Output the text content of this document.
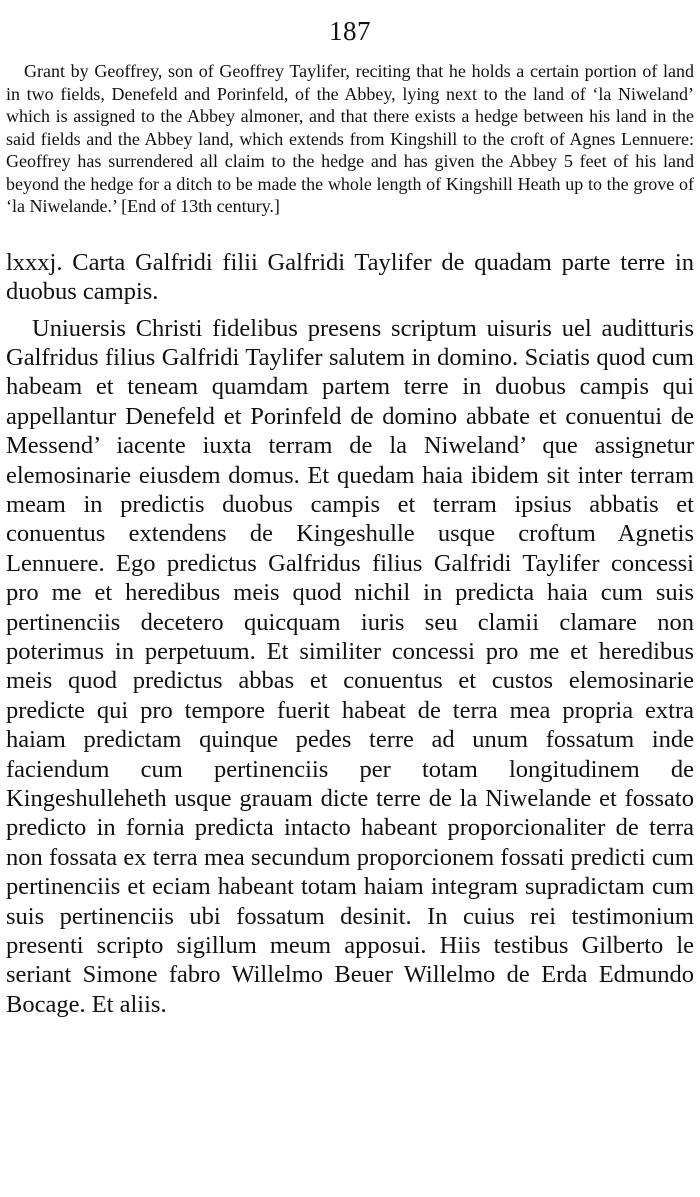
187

Grant by Geoffrey, son of Geoffrey Taylifer, reciting that he holds a certain portion of land in two fields, Denefeld and Porinfeld, of the Abbey, lying next to the land of ‘la Niweland’ which is assigned to the Abbey almoner, and that there exists a hedge between his land in the said fields and the Abbey land, which extends from Kingshill to the croft of Agnes Lennuere: Geoffrey has surrendered all claim to the hedge and has given the Abbey 5 feet of his land beyond the hedge for a ditch to be made the whole length of Kingshill Heath up to the grove of ‘la Niwelande.’ [End of 13th century.]

lxxxj. Carta Galfridi filii Galfridi Taylifer de quadam parte terre in duobus campis.

Uniuersis Christi fidelibus presens scriptum uisuris uel auditturis Galfridus filius Galfridi Taylifer salutem in domino. Sciatis quod cum habeam et teneam quamdam partem terre in duobus campis qui appellantur Denefeld et Porinfeld de domino abbate et conuentui de Messend’ iacente iuxta terram de la Niweland’ que assignetur elemosinarie eiusdem domus. Et quedam haia ibidem sit inter terram meam in predictis duobus campis et terram ipsius abbatis et conuentus extendens de Kingeshulle usque croftum Agnetis Lennuere. Ego predictus Galfridus filius Galfridi Taylifer concessi pro me et heredibus meis quod nichil in predicta haia cum suis pertinenciis decetero quicquam iuris seu clamii clamare non poterimus in perpetuum. Et similiter concessi pro me et heredibus meis quod predictus abbas et conuentus et custos elemosinarie predicte qui pro tempore fuerit habeat de terra mea propria extra haiam predictam quinque pedes terre ad unum fossatum inde faciendum cum pertinenciis per totam longitudinem de Kingeshulleheth usque grauam dicte terre de la Niwelande et fossato predicto in fornia predicta intacto habeant proporcionaliter de terra non fossata ex terra mea secundum proporcionem fossati predicti cum pertinenciis et eciam habeant totam haiam integram supradictam cum suis pertinenciis ubi fossatum desinit. In cuius rei testimonium presenti scripto sigillum meum apposui. Hiis testibus Gilberto le seriant Simone fabro Willelmo Beuer Willelmo de Erda Edmundo Bocage. Et aliis.
